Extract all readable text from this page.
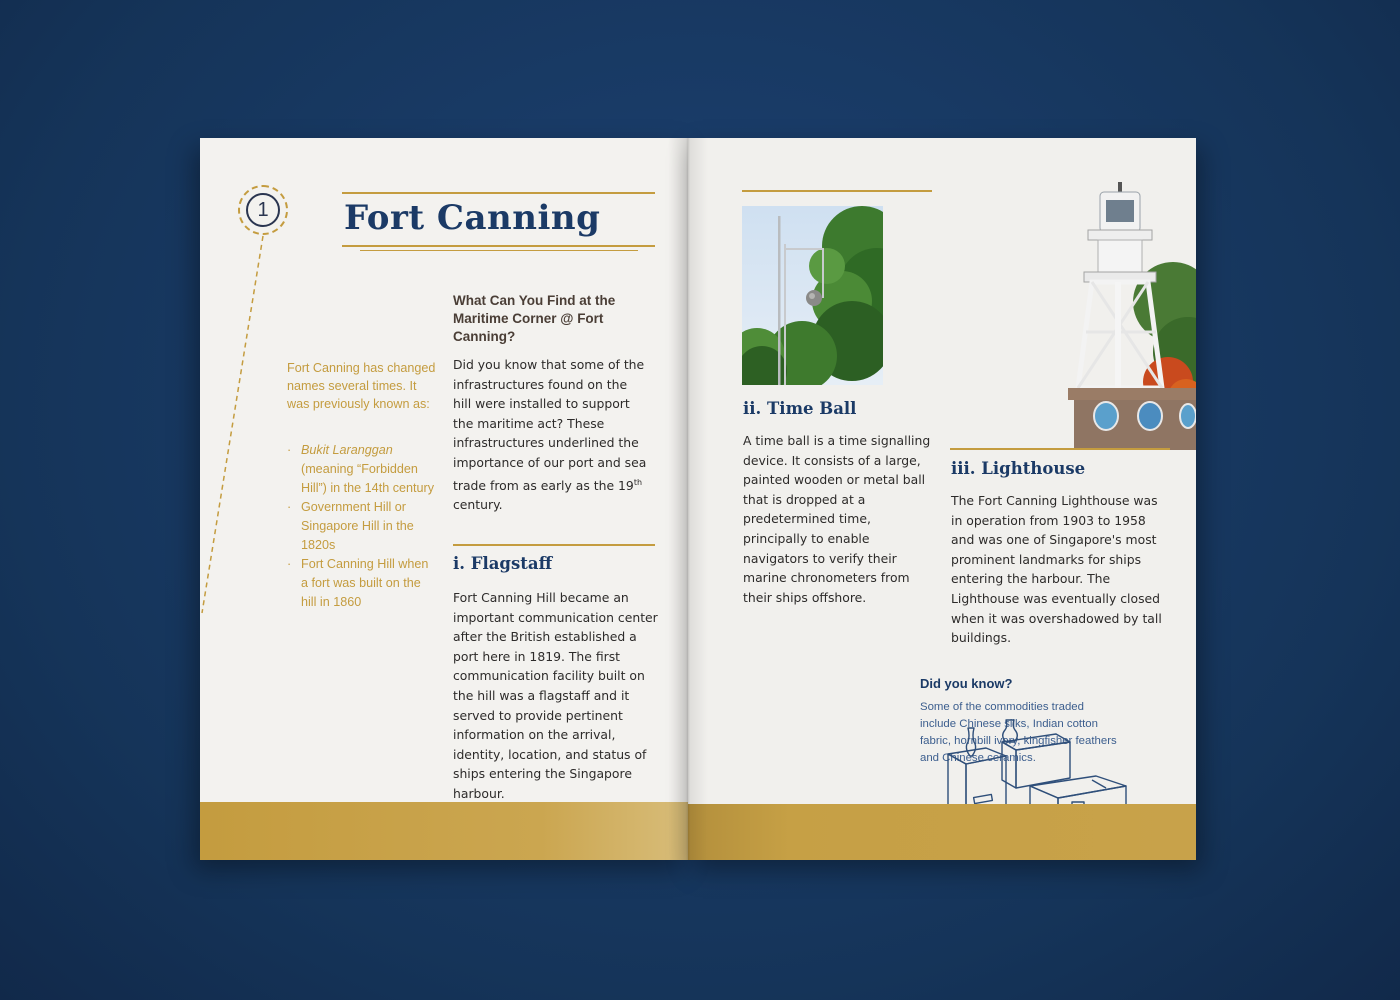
1	Fort Canning
Fort Canning has changed names several times. It was previously known as:
· Bukit Laranggan
(meaning “Forbidden Hill”) in the 14th century
· Government Hill or Singapore Hill in the 1820s
· Fort Canning Hill when a fort was built on the hill in 1860
What Can You Find at the Maritime Corner @ Fort Canning?
Did you know that some of the infrastructures found on the hill were installed to support the maritime act? These infrastructures underlined the importance of our port and sea trade from as early as the 19th century.
i. Flagstaff
Fort Canning Hill became an important communication center after the British established a port here in 1819. The first communication facility built on the hill was a flagstaff and it served to provide pertinent information on the arrival, identity, location, and status of ships entering the Singapore harbour.
ii. Time Ball
A time ball is a time signalling device. It consists of a large, painted wooden or metal ball that is dropped at a predetermined time, principally to enable navigators to verify their marine chronometers from their ships offshore.
iii. Lighthouse
The Fort Canning Lighthouse was in operation from 1903 to 1958 and was one of Singapore's most prominent landmarks for ships entering the harbour. The Lighthouse was eventually closed when it was overshadowed by tall buildings.
Did you know?
Some of the commodities traded include Chinese silks, Indian cotton fabric, hornbill ivory, kingfisher feathers and Chinese ceramics.
